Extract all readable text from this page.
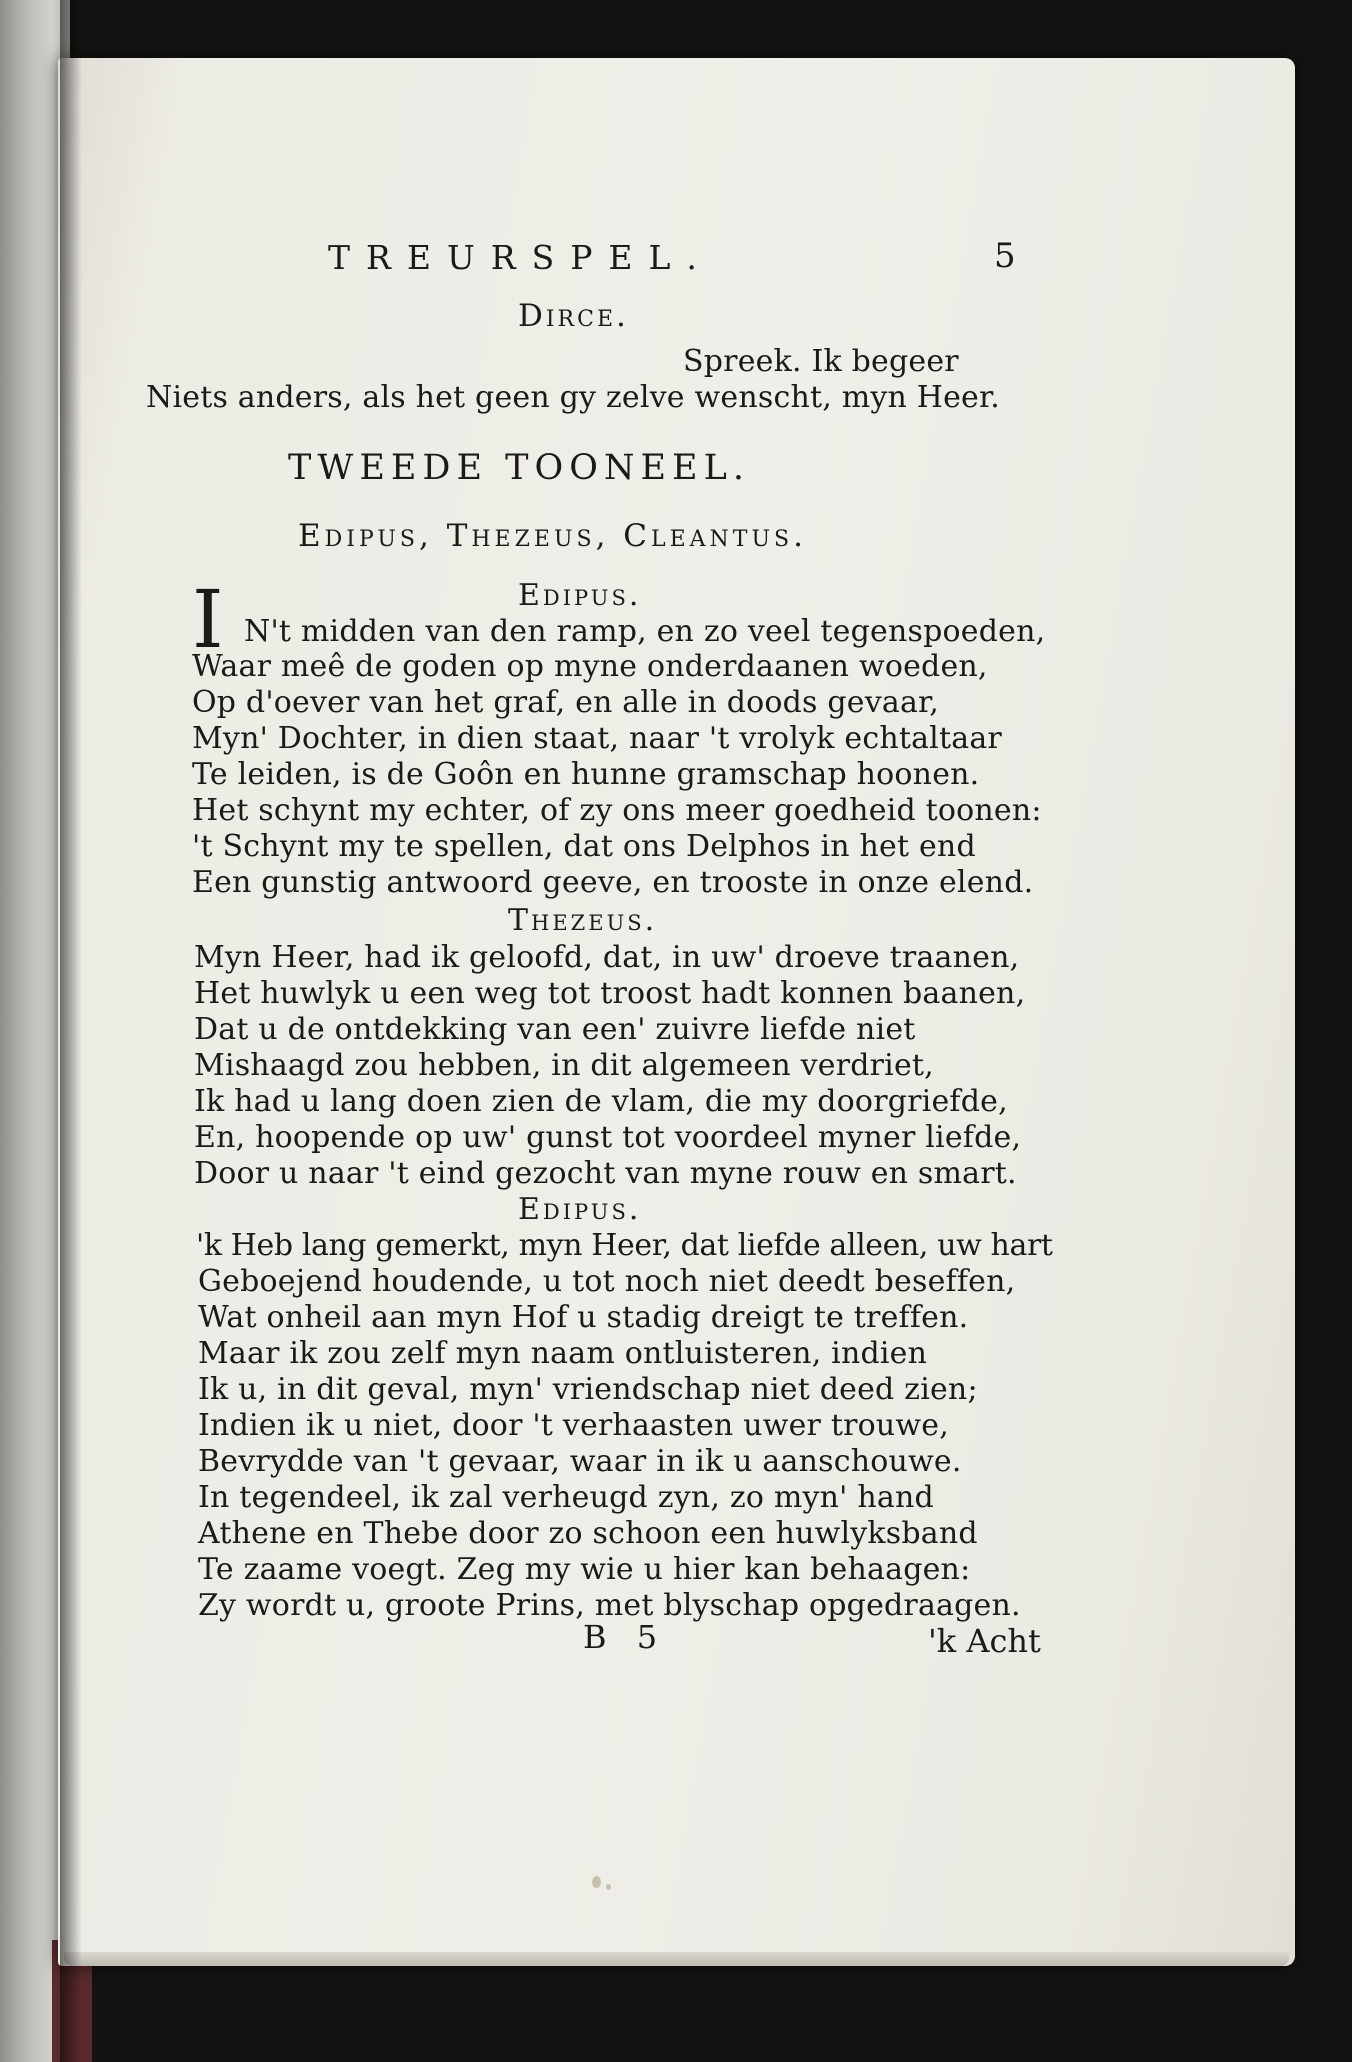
TREURSPEL.	5
Dirce.
Spreek. Ik begeer
Niets anders, als het geen gy zelve wenscht, myn Heer.
TWEEDE TOONEEL.
Edipus, Thezeus, Cleantus.
Edipus.
I N't midden van den ramp, en zo veel tegenspoeden,
Waar meê de goden op myne onderdaanen woeden,
Op d'oever van het graf, en alle in doods gevaar,
Myn' Dochter, in dien staat, naar 't vrolyk echtaltaar
Te leiden, is de Goôn en hunne gramschap hoonen.
Het schynt my echter, of zy ons meer goedheid toonen:
't Schynt my te spellen, dat ons Delphos in het end
Een gunstig antwoord geeve, en trooste in onze elend.
Thezeus.
Myn Heer, had ik geloofd, dat, in uw' droeve traanen,
Het huwlyk u een weg tot troost hadt konnen baanen,
Dat u de ontdekking van een' zuivre liefde niet
Mishaagd zou hebben, in dit algemeen verdriet,
Ik had u lang doen zien de vlam, die my doorgriefde,
En, hoopende op uw' gunst tot voordeel myner liefde,
Door u naar 't eind gezocht van myne rouw en smart.
Edipus.
'k Heb lang gemerkt, myn Heer, dat liefde alleen, uw hart
Geboejend houdende, u tot noch niet deedt beseffen,
Wat onheil aan myn Hof u stadig dreigt te treffen.
Maar ik zou zelf myn naam ontluisteren, indien
Ik u, in dit geval, myn' vriendschap niet deed zien;
Indien ik u niet, door 't verhaasten uwer trouwe,
Bevrydde van 't gevaar, waar in ik u aanschouwe.
In tegendeel, ik zal verheugd zyn, zo myn' hand
Athene en Thebe door zo schoon een huwlyksband
Te zaame voegt. Zeg my wie u hier kan behaagen:
Zy wordt u, groote Prins, met blyschap opgedraagen.
B 5	'k Acht
